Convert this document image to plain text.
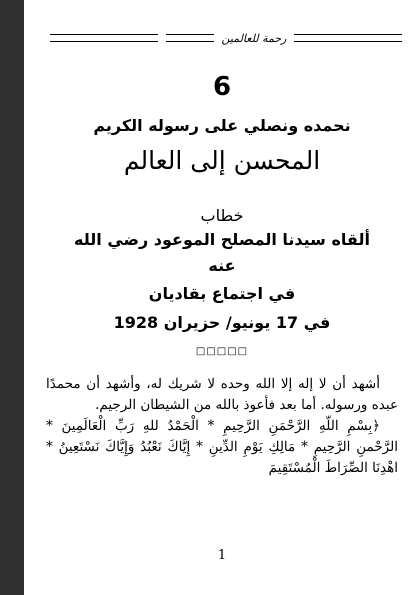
رحمة للعالمين
6
نحمده ونصلي على رسوله الكريم
المحسن إلى العالم
خطاب
ألقاه سيدنا المصلح الموعود رضي الله
عنه
في اجتماع بقاديان
في 17 يونيو/ حزيران 1928
□□□□□

أشهد أن لا إله إلا الله وحده لا شريك له، وأشهد أن محمدًا عبده ورسوله. أما بعد فأعوذ بالله من الشيطان الرجيم.

﴿بِسْمِ اللّهِ الرَّحْمَنِ الرَّحِيمِ * الْحَمْدُ للهِ رَبِّ الْعَالَمِينَ * الرَّحْمنِ الرَّحِيمِ * مَالِكِ يَوْمِ الدِّينِ * إِيَّاكَ نَعْبُدُ وَإِيَّاكَ نَسْتَعِينُ * اهْدِنَا الصِّرَاطَ الْمُسْتَقِيمَ

1
